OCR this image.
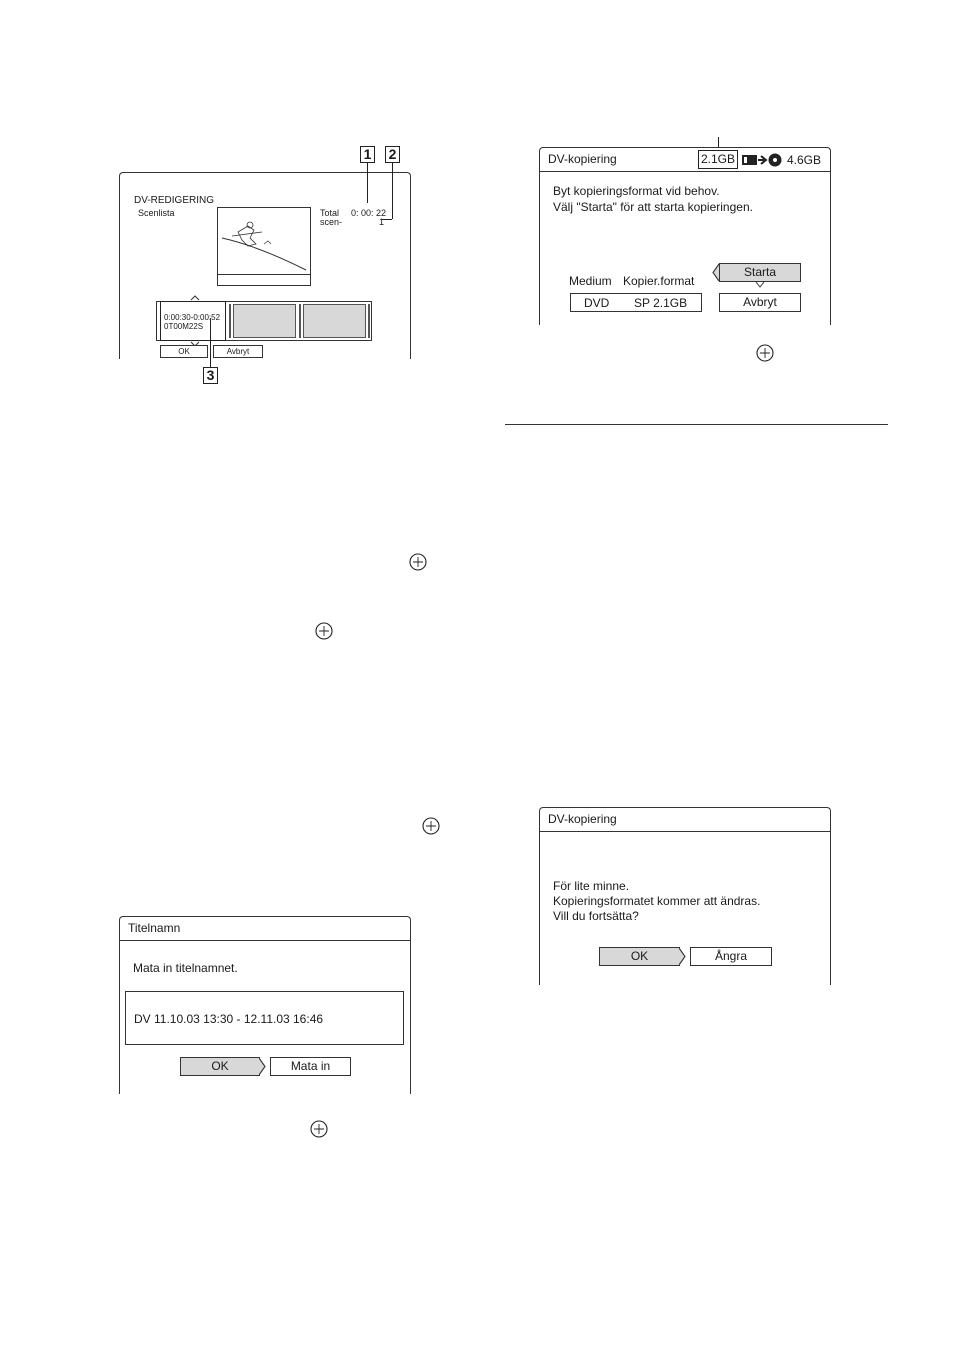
DV-REDIGERING
Scenlista	Total 0: 00: 22
scen-	1
0:00:30-0:00:52
0T00M22S
OK	Avbryt
1 2
3
Titelnamn
Mata in titelnamnet.
DV 11.10.03 13:30 - 12.11.03 16:46
OK	Mata in
DV-kopiering	2.1GB	4.6GB
Byt kopieringsformat vid behov.
Välj "Starta" för att starta kopieringen.
Medium Kopier.format
DVD SP 2.1GB
Starta
Avbryt
DV-kopiering
För lite minne.
Kopieringsformatet kommer att ändras.
Vill du fortsätta?
OK	Ångra
